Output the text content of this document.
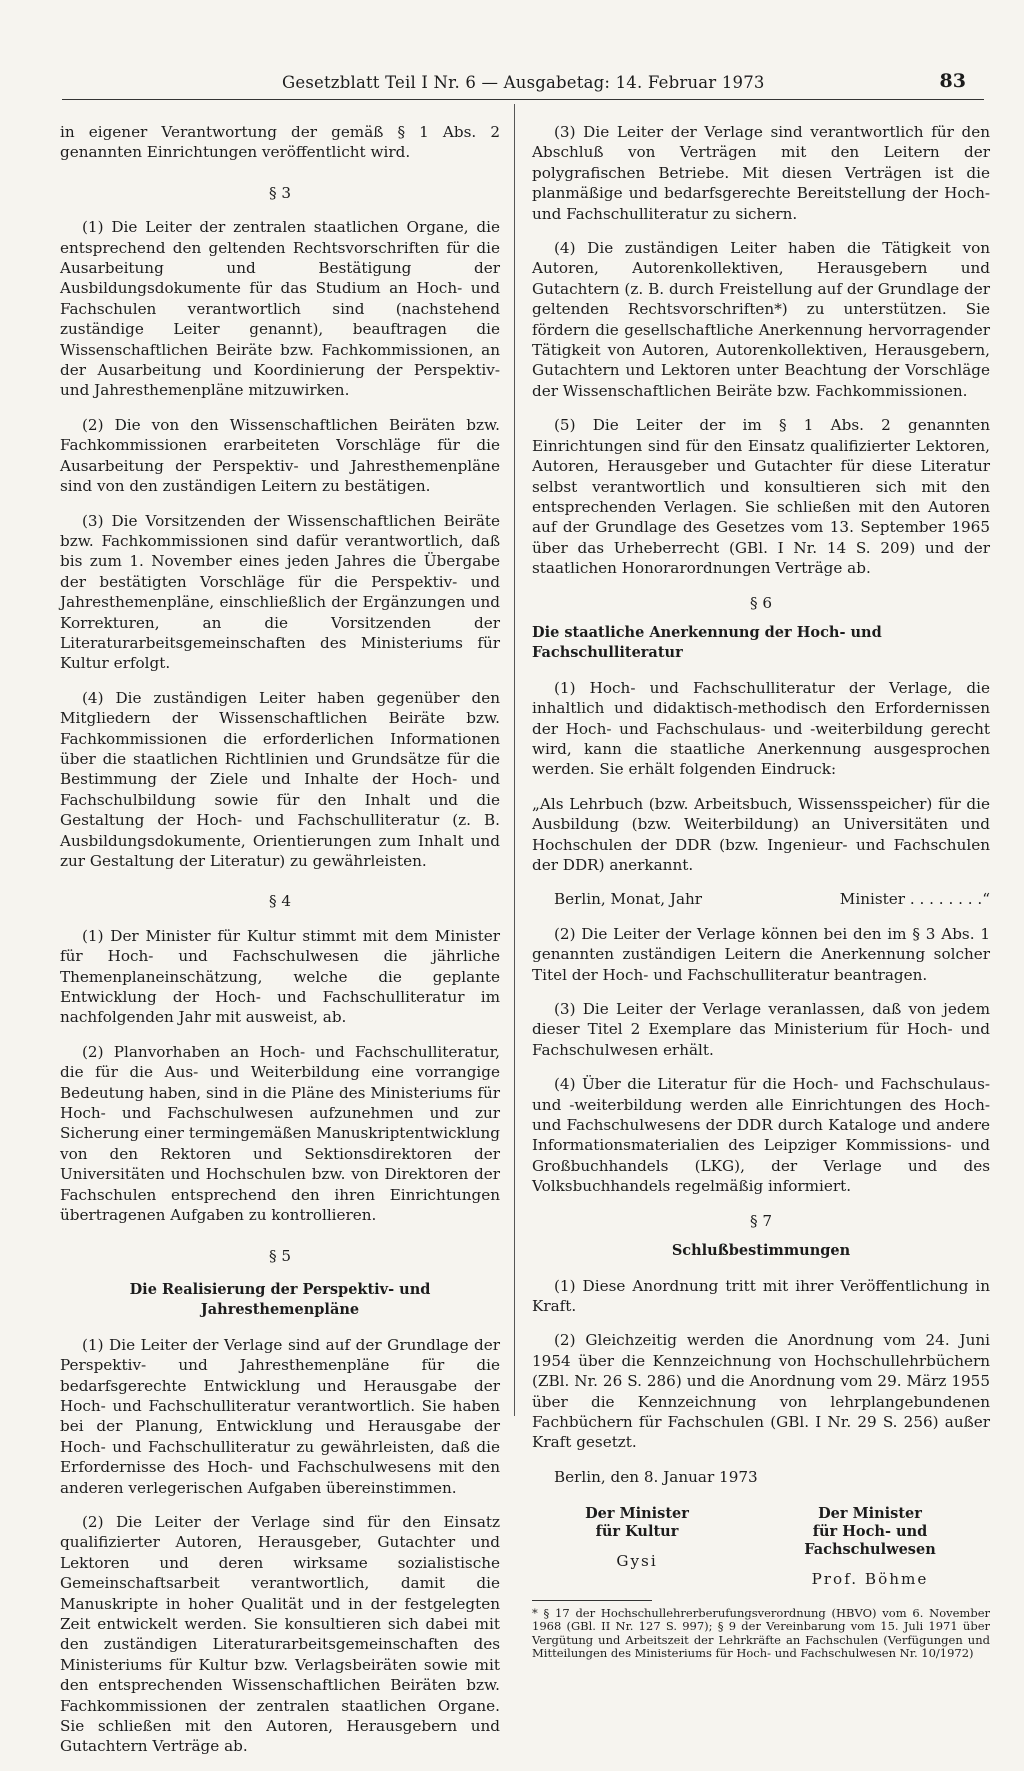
Gesetzblatt Teil I Nr. 6 — Ausgabetag: 14. Februar 1973	83

in eigener Verantwortung der gemäß § 1 Abs. 2 genannten Einrichtungen veröffentlicht wird.

§ 3

(1) Die Leiter der zentralen staatlichen Organe, die entsprechend den geltenden Rechtsvorschriften für die Ausarbeitung und Bestätigung der Ausbildungsdokumente für das Studium an Hoch- und Fachschulen verantwortlich sind (nachstehend zuständige Leiter genannt), beauftragen die Wissenschaftlichen Beiräte bzw. Fachkommissionen, an der Ausarbeitung und Koordinierung der Perspektiv- und Jahresthemenpläne mitzuwirken.

(2) Die von den Wissenschaftlichen Beiräten bzw. Fachkommissionen erarbeiteten Vorschläge für die Ausarbeitung der Perspektiv- und Jahresthemenpläne sind von den zuständigen Leitern zu bestätigen.

(3) Die Vorsitzenden der Wissenschaftlichen Beiräte bzw. Fachkommissionen sind dafür verantwortlich, daß bis zum 1. November eines jeden Jahres die Übergabe der bestätigten Vorschläge für die Perspektiv- und Jahresthemenpläne, einschließlich der Ergänzungen und Korrekturen, an die Vorsitzenden der Literaturarbeitsgemeinschaften des Ministeriums für Kultur erfolgt.

(4) Die zuständigen Leiter haben gegenüber den Mitgliedern der Wissenschaftlichen Beiräte bzw. Fachkommissionen die erforderlichen Informationen über die staatlichen Richtlinien und Grundsätze für die Bestimmung der Ziele und Inhalte der Hoch- und Fachschulbildung sowie für den Inhalt und die Gestaltung der Hoch- und Fachschulliteratur (z. B. Ausbildungsdokumente, Orientierungen zum Inhalt und zur Gestaltung der Literatur) zu gewährleisten.

§ 4

(1) Der Minister für Kultur stimmt mit dem Minister für Hoch- und Fachschulwesen die jährliche Themenplaneinschätzung, welche die geplante Entwicklung der Hoch- und Fachschulliteratur im nachfolgenden Jahr mit ausweist, ab.

(2) Planvorhaben an Hoch- und Fachschulliteratur, die für die Aus- und Weiterbildung eine vorrangige Bedeutung haben, sind in die Pläne des Ministeriums für Hoch- und Fachschulwesen aufzunehmen und zur Sicherung einer termingemäßen Manuskriptentwicklung von den Rektoren und Sektionsdirektoren der Universitäten und Hochschulen bzw. von Direktoren der Fachschulen entsprechend den ihren Einrichtungen übertragenen Aufgaben zu kontrollieren.

§ 5
Die Realisierung der Perspektiv- und Jahresthemenpläne

(1) Die Leiter der Verlage sind auf der Grundlage der Perspektiv- und Jahresthemenpläne für die bedarfsgerechte Entwicklung und Herausgabe der Hoch- und Fachschulliteratur verantwortlich. Sie haben bei der Planung, Entwicklung und Herausgabe der Hoch- und Fachschulliteratur zu gewährleisten, daß die Erfordernisse des Hoch- und Fachschulwesens mit den anderen verlegerischen Aufgaben übereinstimmen.

(2) Die Leiter der Verlage sind für den Einsatz qualifizierter Autoren, Herausgeber, Gutachter und Lektoren und deren wirksame sozialistische Gemeinschaftsarbeit verantwortlich, damit die Manuskripte in hoher Qualität und in der festgelegten Zeit entwickelt werden. Sie konsultieren sich dabei mit den zuständigen Literaturarbeitsgemeinschaften des Ministeriums für Kultur bzw. Verlagsbeiräten sowie mit den entsprechenden Wissenschaftlichen Beiräten bzw. Fachkommissionen der zentralen staatlichen Organe. Sie schließen mit den Autoren, Herausgebern und Gutachtern Verträge ab.

(3) Die Leiter der Verlage sind verantwortlich für den Abschluß von Verträgen mit den Leitern der polygrafischen Betriebe. Mit diesen Verträgen ist die planmäßige und bedarfsgerechte Bereitstellung der Hoch- und Fachschulliteratur zu sichern.

(4) Die zuständigen Leiter haben die Tätigkeit von Autoren, Autorenkollektiven, Herausgebern und Gutachtern (z. B. durch Freistellung auf der Grundlage der geltenden Rechtsvorschriften*) zu unterstützen. Sie fördern die gesellschaftliche Anerkennung hervorragender Tätigkeit von Autoren, Autorenkollektiven, Herausgebern, Gutachtern und Lektoren unter Beachtung der Vorschläge der Wissenschaftlichen Beiräte bzw. Fachkommissionen.

(5) Die Leiter der im § 1 Abs. 2 genannten Einrichtungen sind für den Einsatz qualifizierter Lektoren, Autoren, Herausgeber und Gutachter für diese Literatur selbst verantwortlich und konsultieren sich mit den entsprechenden Verlagen. Sie schließen mit den Autoren auf der Grundlage des Gesetzes vom 13. September 1965 über das Urheberrecht (GBl. I Nr. 14 S. 209) und der staatlichen Honorarordnungen Verträge ab.

§ 6
Die staatliche Anerkennung der Hoch- und Fachschulliteratur

(1) Hoch- und Fachschulliteratur der Verlage, die inhaltlich und didaktisch-methodisch den Erfordernissen der Hoch- und Fachschulaus- und -weiterbildung gerecht wird, kann die staatliche Anerkennung ausgesprochen werden. Sie erhält folgenden Eindruck:

„Als Lehrbuch (bzw. Arbeitsbuch, Wissensspeicher) für die Ausbildung (bzw. Weiterbildung) an Universitäten und Hochschulen der DDR (bzw. Ingenieur- und Fachschulen der DDR) anerkannt.

Berlin, Monat, Jahr	Minister . . . . . . . .“

(2) Die Leiter der Verlage können bei den im § 3 Abs. 1 genannten zuständigen Leitern die Anerkennung solcher Titel der Hoch- und Fachschulliteratur beantragen.

(3) Die Leiter der Verlage veranlassen, daß von jedem dieser Titel 2 Exemplare das Ministerium für Hoch- und Fachschulwesen erhält.

(4) Über die Literatur für die Hoch- und Fachschulaus- und -weiterbildung werden alle Einrichtungen des Hoch- und Fachschulwesens der DDR durch Kataloge und andere Informationsmaterialien des Leipziger Kommissions- und Großbuchhandels (LKG), der Verlage und des Volksbuchhandels regelmäßig informiert.

§ 7
Schlußbestimmungen

(1) Diese Anordnung tritt mit ihrer Veröffentlichung in Kraft.

(2) Gleichzeitig werden die Anordnung vom 24. Juni 1954 über die Kennzeichnung von Hochschullehrbüchern (ZBl. Nr. 26 S. 286) und die Anordnung vom 29. März 1955 über die Kennzeichnung von lehrplangebundenen Fachbüchern für Fachschulen (GBl. I Nr. 29 S. 256) außer Kraft gesetzt.

Berlin, den 8. Januar 1973
Der Minister
für Kultur
Gysi
Der Minister
für Hoch- und Fachschulwesen
Prof. Böhme
* § 17 der Hochschullehrerberufungsverordnung (HBVO) vom 6. November 1968 (GBl. II Nr. 127 S. 997); § 9 der Vereinbarung vom 15. Juli 1971 über Vergütung und Arbeitszeit der Lehrkräfte an Fachschulen (Verfügungen und Mitteilungen des Ministeriums für Hoch- und Fachschulwesen Nr. 10/1972)
